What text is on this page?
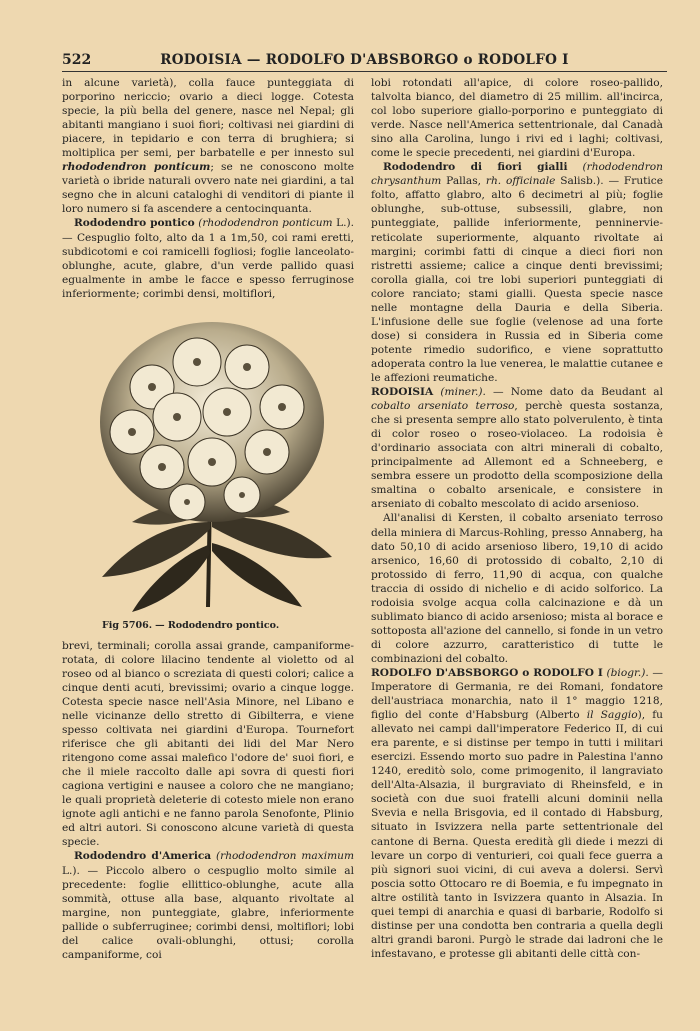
522	RODOISIA — RODOLFO D'ABSBORGO o RODOLFO I

in alcune varietà), colla fauce punteggiata di porporino nericcio; ovario a dieci logge. Cotesta specie, la più bella del genere, nasce nel Nepal; gli abitanti mangiano i suoi fiori; coltivasi nei giardini di piacere, in tepidario e con terra di brughiera; si moltiplica per semi, per barbatelle e per innesto sul rhododendron ponticum; se ne conoscono molte varietà o ibride naturali ovvero nate nei giardini, a tal segno che in alcuni cataloghi di venditori di piante il loro numero si fa ascendere a centocinquanta.

Rododendro pontico (rhododendron ponticum L.). — Cespuglio folto, alto da 1 a 1m,50, coi rami eretti, subdicotomi e coi ramicelli fogliosi; foglie lanceolato-oblunghe, acute, glabre, d'un verde pallido quasi egualmente in ambe le facce e spesso ferruginose inferiormente; corimbi densi, moltiflori,

Fig 5706. — Rododendro pontico.

brevi, terminali; corolla assai grande, campaniforme-rotata, di colore lilacino tendente al violetto od al roseo od al bianco o screziata di questi colori; calice a cinque denti acuti, brevissimi; ovario a cinque logge. Cotesta specie nasce nell'Asia Minore, nel Libano e nelle vicinanze dello stretto di Gibilterra, e viene spesso coltivata nei giardini d'Europa. Tournefort riferisce che gli abitanti dei lidi del Mar Nero ritengono come assai malefico l'odore de' suoi fiori, e che il miele raccolto dalle api sovra di questi fiori cagiona vertigini e nausee a coloro che ne mangiano; le quali proprietà deleterie di cotesto miele non erano ignote agli antichi e ne fanno parola Senofonte, Plinio ed altri autori. Si conoscono alcune varietà di questa specie.

Rododendro d'America (rhododendron maximum L.). — Piccolo albero o cespuglio molto simile al precedente: foglie ellittico-oblunghe, acute alla sommità, ottuse alla base, alquanto rivoltate al margine, non punteggiate, glabre, inferiormente pallide o subferruginee; corimbi densi, moltiflori; lobi del calice ovali-oblunghi, ottusi; corolla campaniforme, coi

lobi rotondati all'apice, di colore roseo-pallido, talvolta bianco, del diametro di 25 millim. all'incirca, col lobo superiore giallo-porporino e punteggiato di verde. Nasce nell'America settentrionale, dal Canadà sino alla Carolina, lungo i rivi ed i laghi; coltivasi, come le specie precedenti, nei giardini d'Europa.

Rododendro di fiori gialli (rhododendron chrysanthum Pallas, rh. officinale Salisb.). — Frutice folto, affatto glabro, alto 6 decimetri al più; foglie oblunghe, sub-ottuse, subsessili, glabre, non punteggiate, pallide inferiormente, penninervie-reticolate superiormente, alquanto rivoltate ai margini; corimbi fatti di cinque a dieci fiori non ristretti assieme; calice a cinque denti brevissimi; corolla gialla, coi tre lobi superiori punteggiati di colore ranciato; stami gialli. Questa specie nasce nelle montagne della Dauria e della Siberia. L'infusione delle sue foglie (velenose ad una forte dose) si considera in Russia ed in Siberia come potente rimedio sudorifico, e viene soprattutto adoperata contro la lue venerea, le malattie cutanee e le affezioni reumatiche.

RODOISIA (miner.). — Nome dato da Beudant al cobalto arseniato terroso, perchè questa sostanza, che si presenta sempre allo stato polverulento, è tinta di color roseo o roseo-violaceo. La rodoisia è d'ordinario associata con altri minerali di cobalto, principalmente ad Allemont ed a Schneeberg, e sembra essere un prodotto della scomposizione della smaltina o cobalto arsenicale, e consistere in arseniato di cobalto mescolato di acido arsenioso.

All'analisi di Kersten, il cobalto arseniato terroso della miniera di Marcus-Rohling, presso Annaberg, ha dato 50,10 di acido arsenioso libero, 19,10 di acido arsenico, 16,60 di protossido di cobalto, 2,10 di protossido di ferro, 11,90 di acqua, con qualche traccia di ossido di nichelio e di acido solforico. La rodoisia svolge acqua colla calcinazione e dà un sublimato bianco di acido arsenioso; mista al borace e sottoposta all'azione del cannello, si fonde in un vetro di colore azzurro, caratteristico di tutte le combinazioni del cobalto.

RODOLFO D'ABSBORGO o RODOLFO I (biogr.). — Imperatore di Germania, re dei Romani, fondatore dell'austriaca monarchia, nato il 1° maggio 1218, figlio del conte d'Habsburg (Alberto il Saggio), fu allevato nei campi dall'imperatore Federico II, di cui era parente, e si distinse per tempo in tutti i militari esercizi. Essendo morto suo padre in Palestina l'anno 1240, ereditò solo, come primogenito, il langraviato dell'Alta-Alsazia, il burgraviato di Rheinsfeld, e in società con due suoi fratelli alcuni dominii nella Svevia e nella Brisgovia, ed il contado di Habsburg, situato in Isvizzera nella parte settentrionale del cantone di Berna. Questa eredità gli diede i mezzi di levare un corpo di venturieri, coi quali fece guerra a più signori suoi vicini, di cui aveva a dolersi. Servì poscia sotto Ottocaro re di Boemia, e fu impegnato in altre ostilità tanto in Isvizzera quanto in Alsazia. In quei tempi di anarchia e quasi di barbarie, Rodolfo si distinse per una condotta ben contraria a quella degli altri grandi baroni. Purgò le strade dai ladroni che le infestavano, e protesse gli abitanti delle città con-
